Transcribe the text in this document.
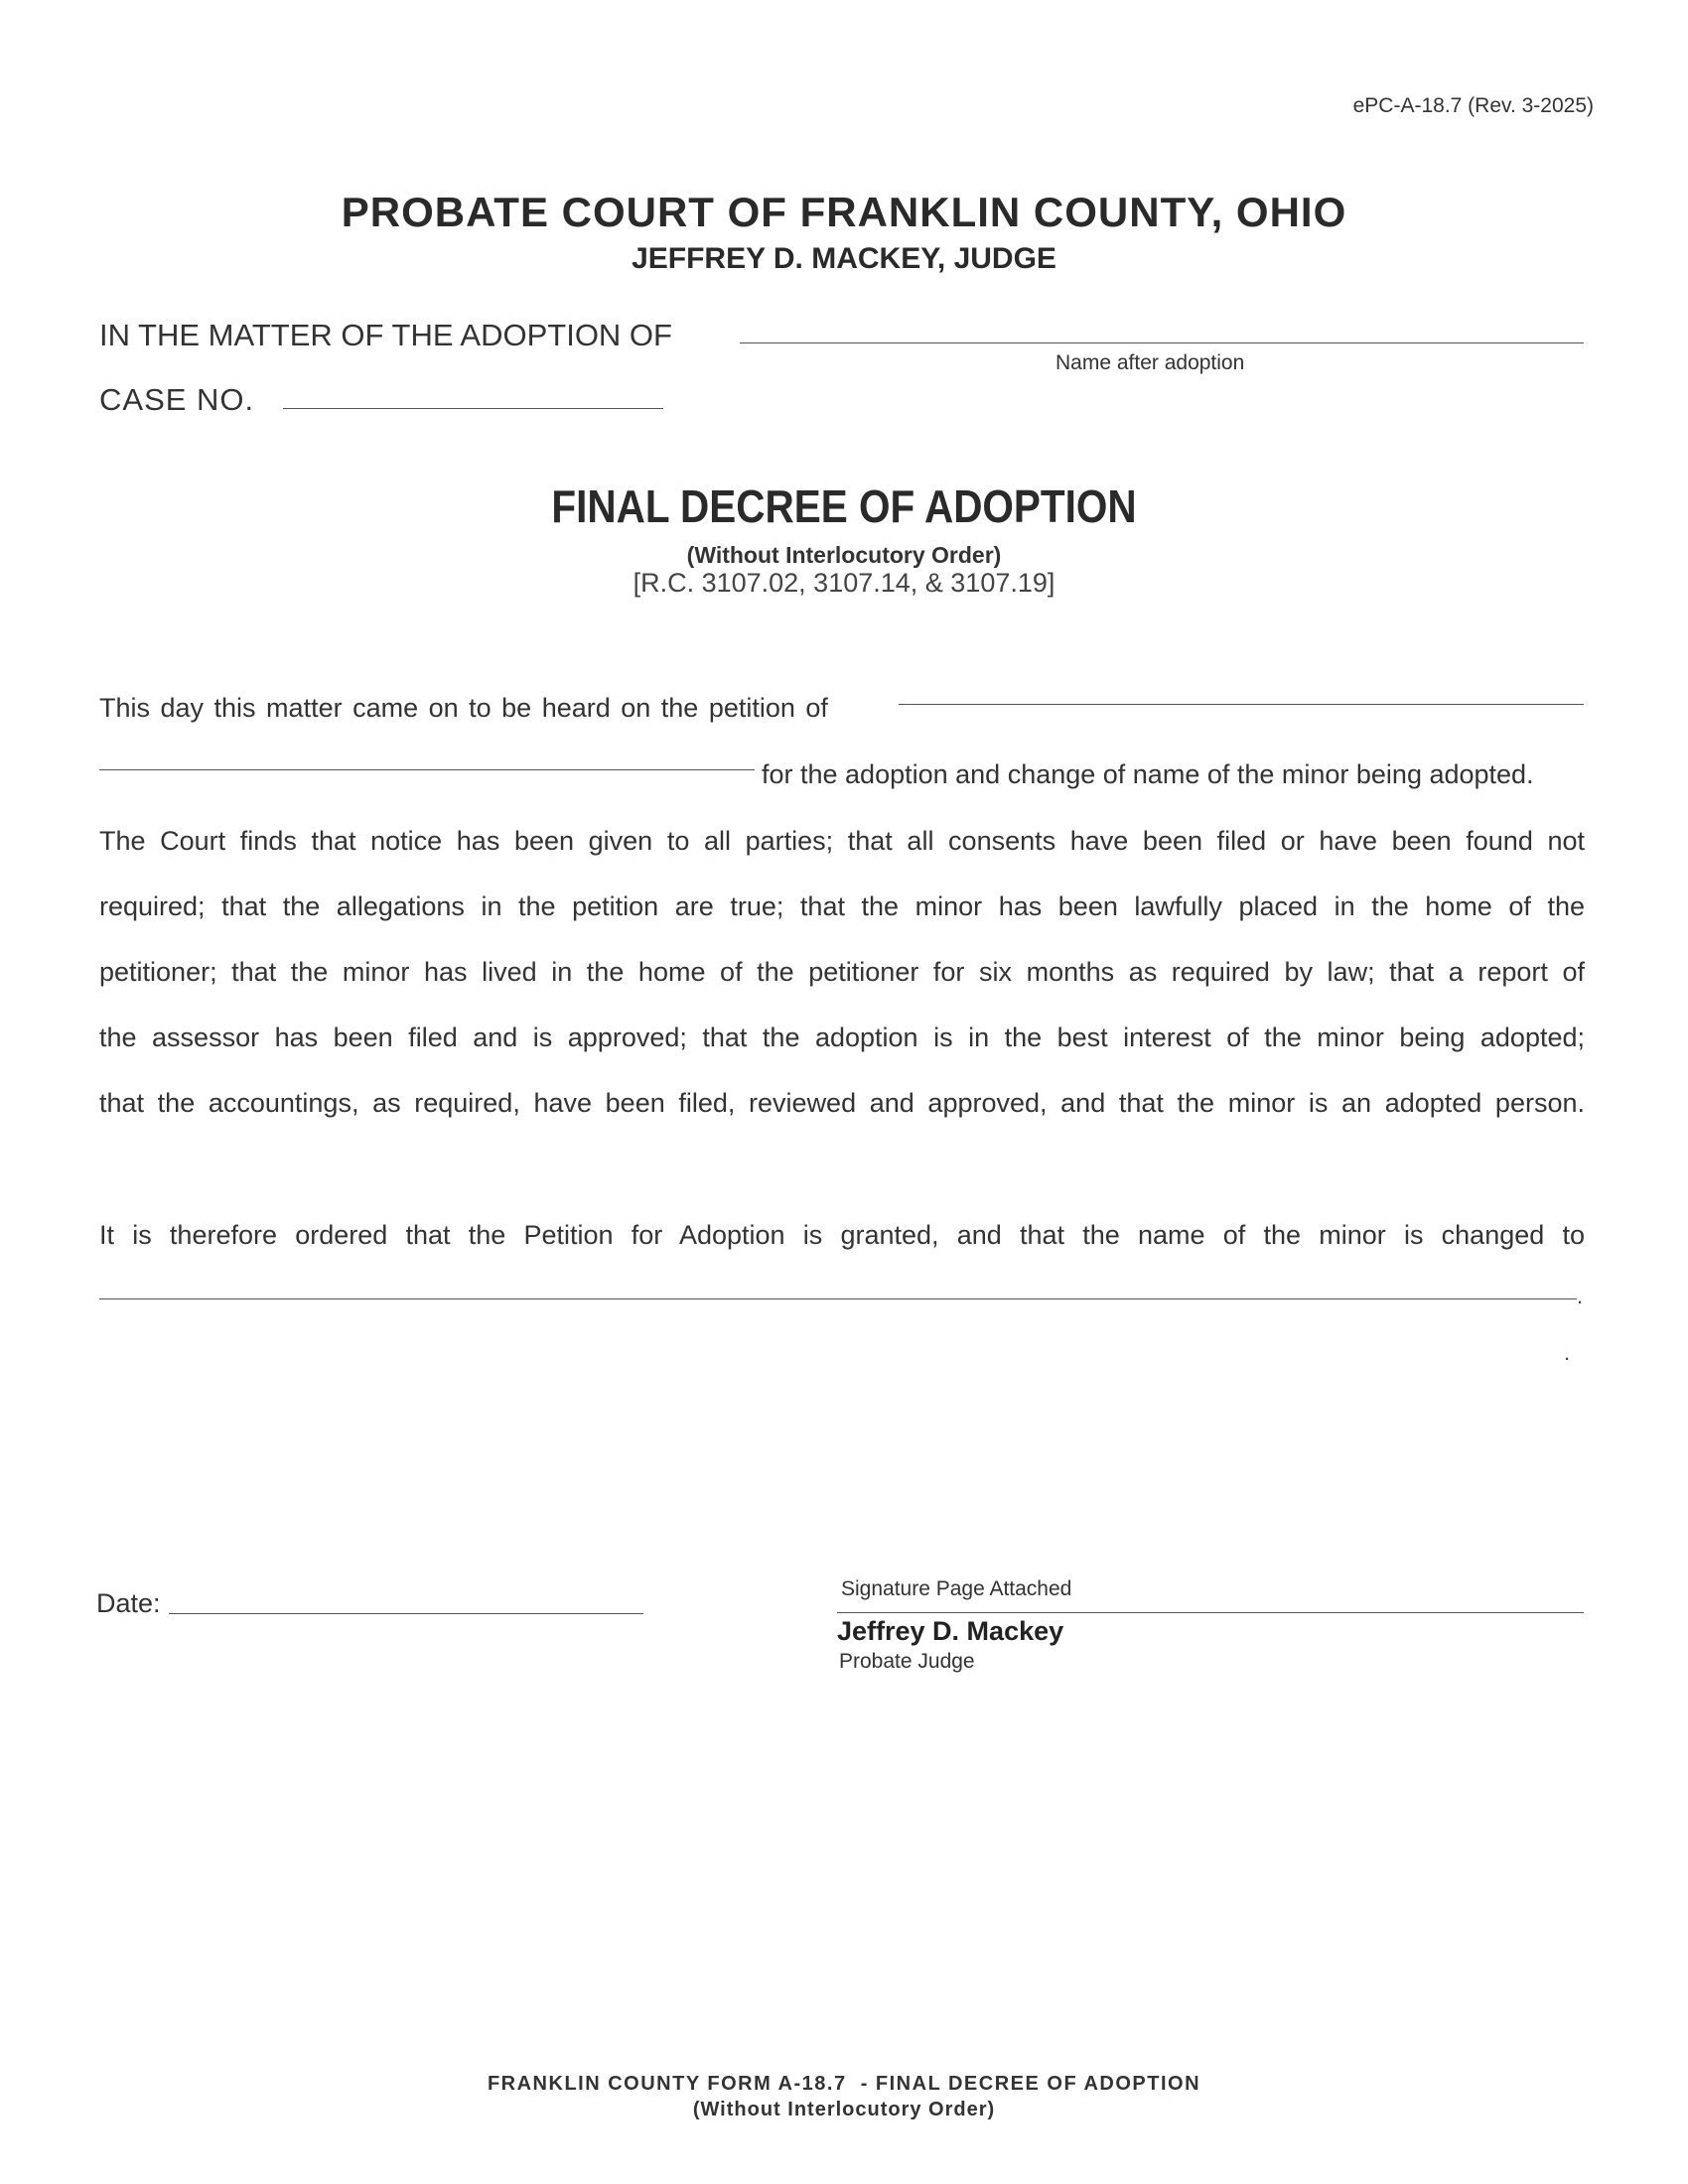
ePC-A-18.7 (Rev. 3-2025)
PROBATE COURT OF FRANKLIN COUNTY, OHIO
JEFFREY D. MACKEY, JUDGE
IN THE MATTER OF THE ADOPTION OF
Name after adoption
CASE NO.
FINAL DECREE OF ADOPTION
(Without Interlocutory Order)
[R.C. 3107.02, 3107.14, & 3107.19]
This day this matter came on to be heard on the petition of
for the adoption and change of name of the minor being adopted.
The Court finds that notice has been given to all parties; that all consents have been filed or have been found not
required; that the allegations in the petition are true; that the minor has been lawfully placed in the home of the
petitioner; that the minor has lived in the home of the petitioner for six months as required by law; that a report of
the assessor has been filed and is approved; that the adoption is in the best interest of the minor being adopted;
that the accountings, as required, have been filed, reviewed and approved, and that the minor is an adopted person.
It is therefore ordered that the Petition for Adoption is granted, and that the name of the minor is changed to
.
.
Date:	Signature Page Attached
Jeffrey D. Mackey
Probate Judge
FRANKLIN COUNTY FORM A-18.7  - FINAL DECREE OF ADOPTION
(Without Interlocutory Order)
